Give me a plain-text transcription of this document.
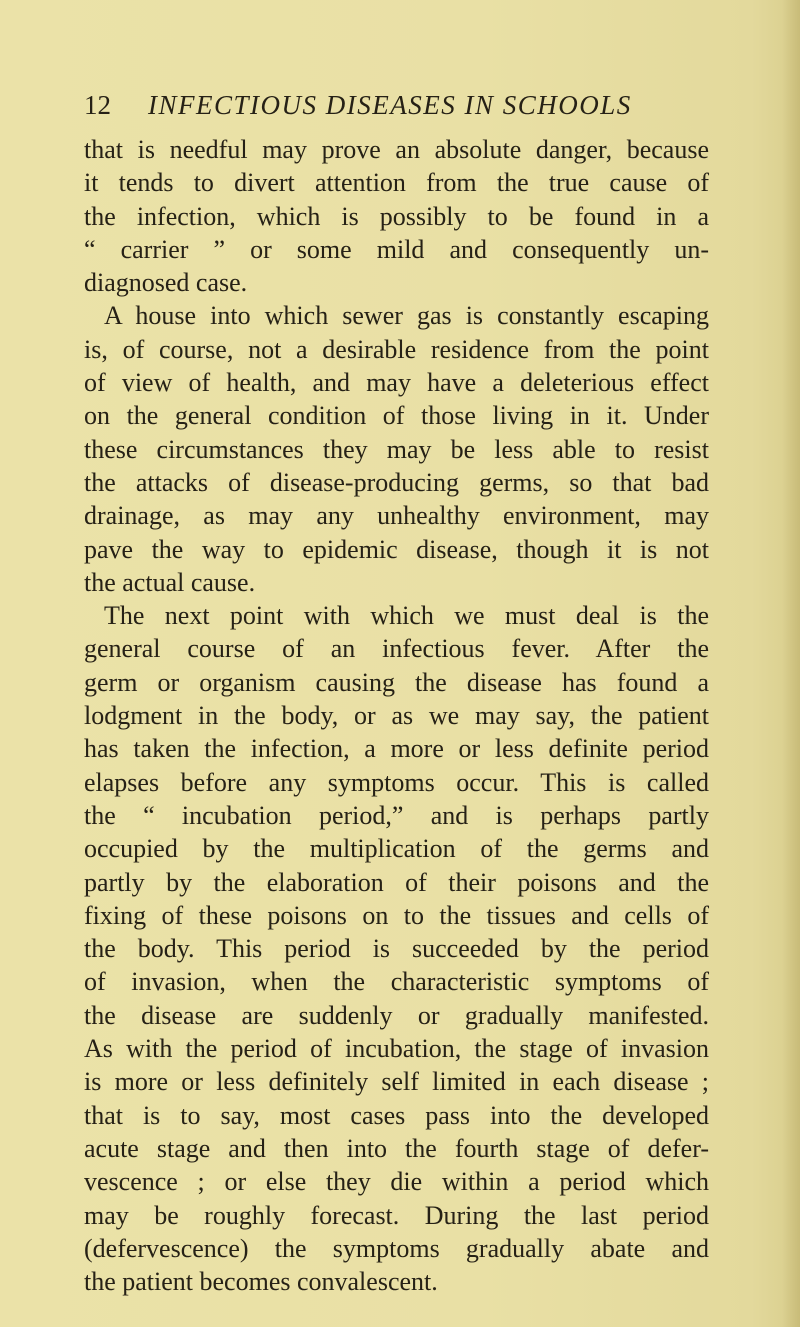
12 INFECTIOUS DISEASES IN SCHOOLS
that is needful may prove an absolute danger, because
it tends to divert attention from the true cause of
the infection, which is possibly to be found in a
“ carrier ” or some mild and consequently un-
diagnosed case.
A house into which sewer gas is constantly escaping
is, of course, not a desirable residence from the point
of view of health, and may have a deleterious effect
on the general condition of those living in it. Under
these circumstances they may be less able to resist
the attacks of disease-producing germs, so that bad
drainage, as may any unhealthy environment, may
pave the way to epidemic disease, though it is not
the actual cause.
The next point with which we must deal is the
general course of an infectious fever. After the
germ or organism causing the disease has found a
lodgment in the body, or as we may say, the patient
has taken the infection, a more or less definite period
elapses before any symptoms occur. This is called
the “ incubation period,” and is perhaps partly
occupied by the multiplication of the germs and
partly by the elaboration of their poisons and the
fixing of these poisons on to the tissues and cells of
the body. This period is succeeded by the period
of invasion, when the characteristic symptoms of
the disease are suddenly or gradually manifested.
As with the period of incubation, the stage of invasion
is more or less definitely self limited in each disease ;
that is to say, most cases pass into the developed
acute stage and then into the fourth stage of defer-
vescence ; or else they die within a period which
may be roughly forecast. During the last period
(defervescence) the symptoms gradually abate and
the patient becomes convalescent.
